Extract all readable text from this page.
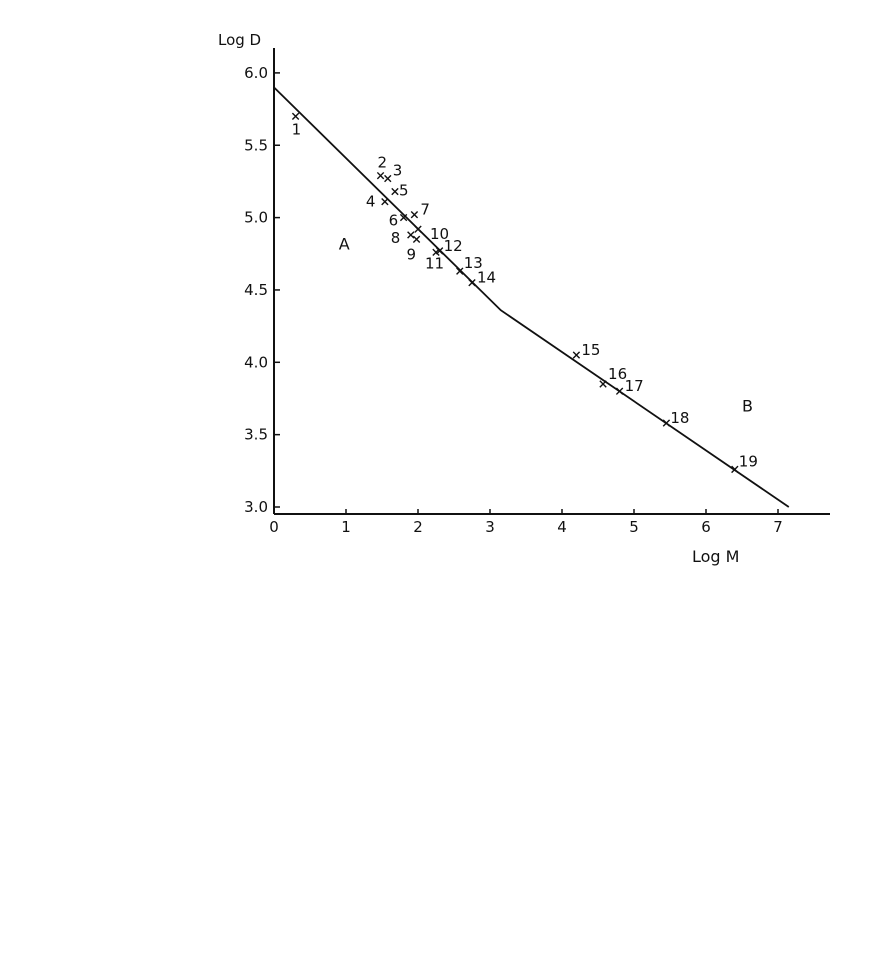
0	1	2	3	4	5	6	7
6.0
5.5
5.0
4.5
4.0
3.5
3.0
1
2 3
4
5
6
7
8
9
10
11
12
13
14
15
16
17
18
19
A
B
Log D
Log M
